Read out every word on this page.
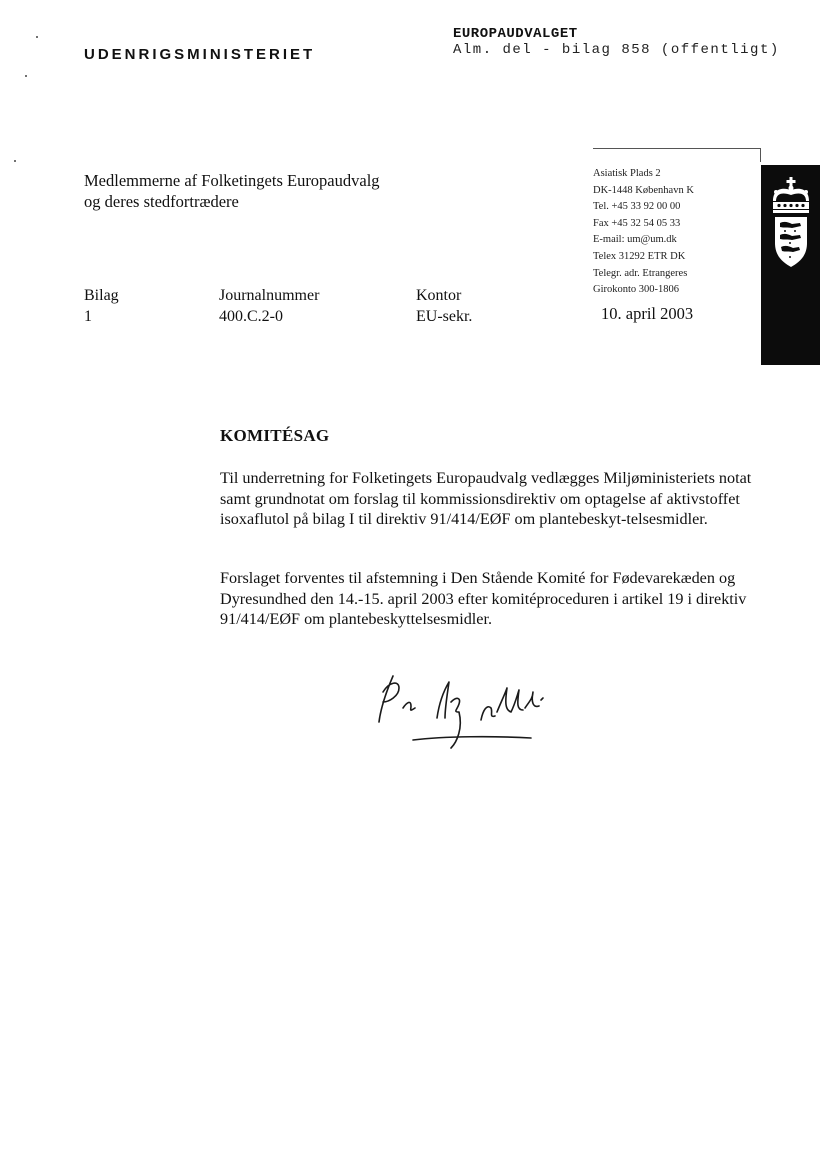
EUROPAUDVALGET
Alm. del - bilag 858 (offentligt)
UDENRIGSMINISTERIET
Medlemmerne af Folketingets Europaudvalg
og deres stedfortrædere
Asiatisk Plads 2
DK-1448 København K
Tel. +45 33 92 00 00
Fax +45 32 54 05 33
E-mail: um@um.dk
Telex 31292 ETR DK
Telegr. adr. Etrangeres
Girokonto 300-1806
Bilag
1
Journalnummer
400.C.2-0
Kontor
EU-sekr.	10. april 2003
KOMITÉSAG
Til underretning for Folketingets Europaudvalg vedlægges Miljøministeriets notat samt grundnotat om forslag til kommissionsdirektiv om optagelse af aktivstoffet isoxaflutol på bilag I til direktiv 91/414/EØF om plantebeskyt-telsesmidler.
Forslaget forventes til afstemning i Den Stående Komité for Fødevarekæden og Dyresundhed den 14.-15. april 2003 efter komitéproceduren i artikel 19 i direktiv 91/414/EØF om plantebeskyttelsesmidler.
